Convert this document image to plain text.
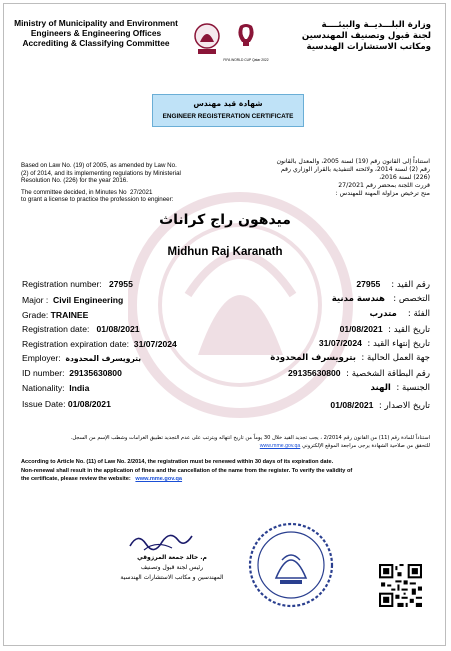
Ministry of Municipality and Environment
Engineers & Engineering Offices
Accrediting & Classifying Committee
FIFA WORLD CUP Qatar 2022
وزارة البلـــديــة والبيئــــة
لجنة قبول وتصنيف المهندسين
ومكاتب الاستشارات الهندسية
شهادة قيد مهندس
ENGINEER REGISTERATION CERTIFICATE
Based on Law No. (19) of 2005, as amended by Law No.
(2) of 2014, and its implementing regulations by Ministerial
Resolution No. (226) for the year 2016.
The committee decided, in Minutes No 27/2021
to grant a license to practice the profession to engineer:
استناداً إلى القانون رقم (19) لسنة 2005، والمعدل بالقانون
رقم (2) لسنة 2014، ولائحته التنفيذية بالقرار الوزاري رقم
(226) لسنة 2016،
قررت اللجنة بمحضر رقم 27/2021
منح ترخيص مزاولة المهنة للمهندس :
ميدهون راج كراناث
Midhun Raj Karanath
Registration number: 27955
Major : Civil Engineering
Grade: TRAINEE
Registration date: 01/08/2021
Registration expiration date: 31/07/2024
Employer: بترويسرف المحدودة
ID number: 29135630800
Nationality: India
Issue Date: 01/08/2021
رقم القيد :    27955
التخصص :   هندسة مدنية
الفئة :    متدرب
تاريخ القيد :  01/08/2021
تاريخ إنتهاء القيد :  31/07/2024
جهة العمل الحالية :  بترويسرف المحدودة
رقم البطاقة الشخصية :  29135630800
الجنسية :  الهند
تاريخ الاصدار :  01/08/2021
استناداً للمادة رقم (11) من القانون رقم 2/2014 ، يجب تجديد القيد خلال 30 يوماً من تاريخ انتهائه ويترتب على عدم التجديد تطبيق الغرامات وشطب الإسم من السجل.
للتحقق من صلاحية الشهادة يرجى مراجعة الموقع الإلكتروني www.mme.gov.qa
According to Article No. (11) of Law No. 2/2014, the registration must be renewed within 30 days of its expiration date.
Non-renewal shall result in the application of fines and the cancellation of the name from the register. To verify the validity of
the certificate, please review the website: www.mme.gov.qa
م. خالد جمعة المرزوقي
رئيس لجنة قبول وتصنيف
المهندسين و مكاتب الاستشارات الهندسية
